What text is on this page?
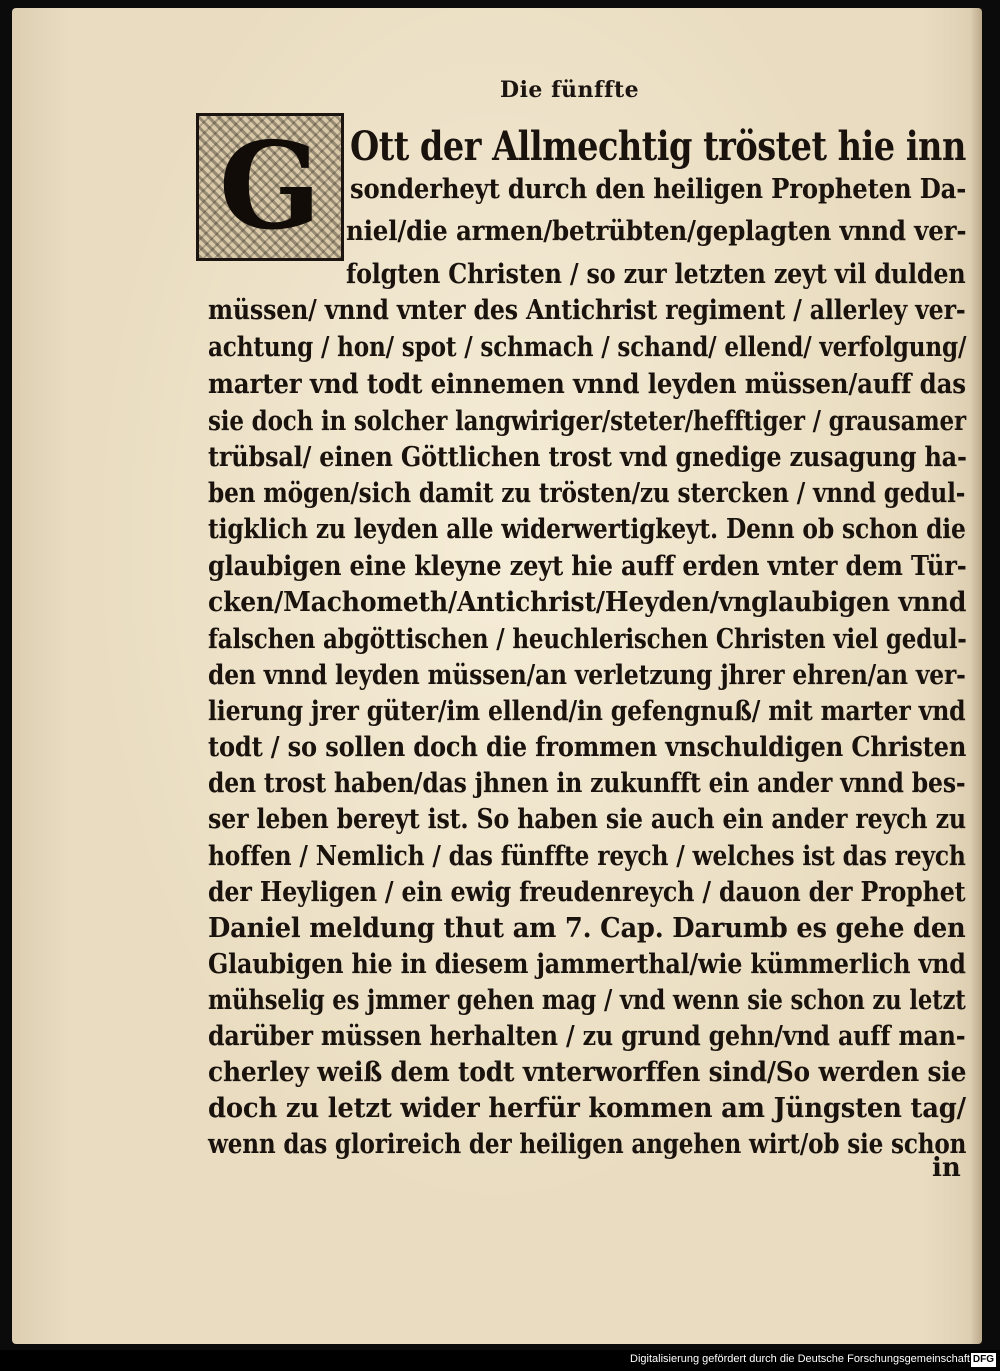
Die fünffte
G Ott der Allmechtig tröstet hie inn
sonderheyt durch den heiligen Propheten Da-
niel/die armen/betrübten/geplagten vnnd ver-
folgten Christen / so zur letzten zeyt vil dulden
müssen/ vnnd vnter des Antichrist regiment / allerley ver-
achtung / hon/ spot / schmach / schand/ ellend/ verfolgung/
marter vnd todt einnemen vnnd leyden müssen/auff das
sie doch in solcher langwiriger/steter/hefftiger / grausamer
trübsal/ einen Göttlichen trost vnd gnedige zusagung ha-
ben mögen/sich damit zu trösten/zu stercken / vnnd gedul-
tigklich zu leyden alle widerwertigkeyt. Denn ob schon die
glaubigen eine kleyne zeyt hie auff erden vnter dem Tür-
cken/Machometh/Antichrist/Heyden/vnglaubigen vnnd
falschen abgöttischen / heuchlerischen Christen viel gedul-
den vnnd leyden müssen/an verletzung jhrer ehren/an ver-
lierung jrer güter/im ellend/in gefengnuß/ mit marter vnd
todt / so sollen doch die frommen vnschuldigen Christen
den trost haben/das jhnen in zukunfft ein ander vnnd bes-
ser leben bereyt ist. So haben sie auch ein ander reych zu
hoffen / Nemlich / das fünffte reych / welches ist das reych
der Heyligen / ein ewig freudenreych / dauon der Prophet
Daniel meldung thut am 7. Cap. Darumb es gehe den
Glaubigen hie in diesem jammerthal/wie kümmerlich vnd
mühselig es jmmer gehen mag / vnd wenn sie schon zu letzt
darüber müssen herhalten / zu grund gehn/vnd auff man-
cherley weiß dem todt vnterworffen sind/So werden sie
doch zu letzt wider herfür kommen am Jüngsten tag/
wenn das glorireich der heiligen angehen wirt/ob sie schon
in
Digitalisierung gefördert durch die Deutsche Forschungsgemeinschaft DFG
